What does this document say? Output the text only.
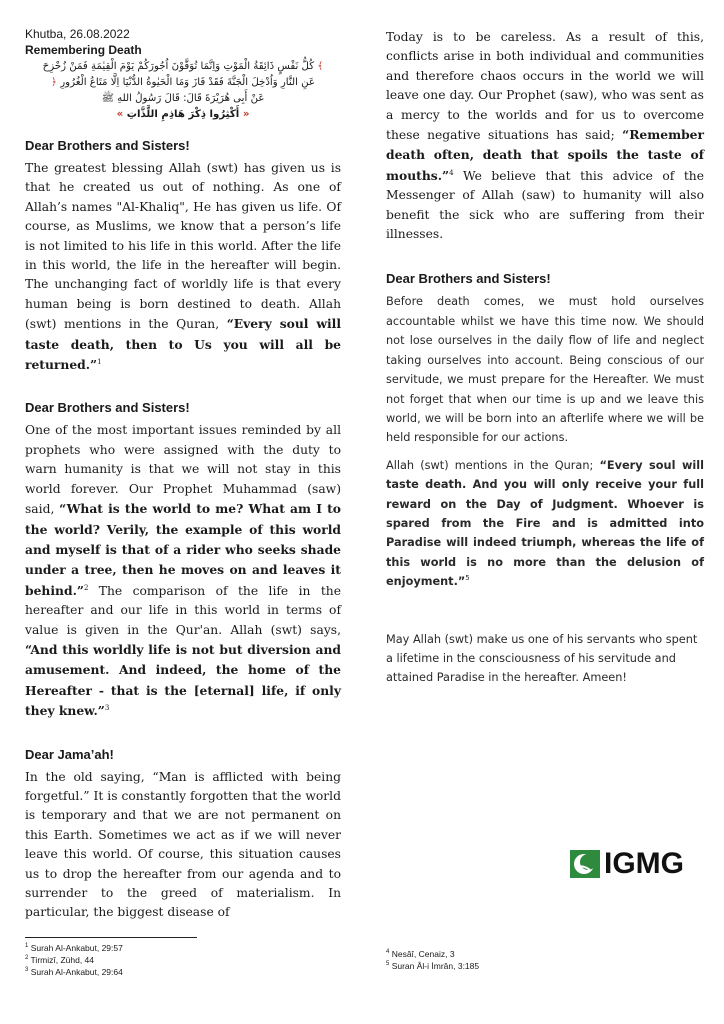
Khutba, 26.08.2022

Remembering Death

﴾ كُلُّ نَفْسٍ ذَائِقَةُ الْمَوْتِ وَاِنَّمَا تُوَفَّوْنَ اُجُورَكُمْ يَوْمَ الْقِيٰمَةِ فَمَنْ زُحْزِحَ

عَنِ النَّارِ وَاُدْخِلَ الْجَنَّةَ فَقَدْ فَازَ وَمَا الْحَيٰوةُ الدُّنْيَا اِلَّا مَتَاعُ الْغُرُورِ ﴿

عَنْ أَبِى هُرَيْرَةَ قَالَ: قَالَ رَسُولُ اللهِ ﷺ

« أَكْثِرُوا ذِكْرَ هَاذِمِ اللَّذَّاتِ »

Dear Brothers and Sisters!

The greatest blessing Allah (swt) has given us is that he created us out of nothing. As one of Allah’s names "Al-Khaliq", He has given us life. Of course, as Muslims, we know that a person’s life is not limited to his life in this world. After the life in this world, the life in the hereafter will begin. The unchanging fact of worldly life is that every human being is born destined to death. Allah (swt) mentions in the Quran, “Every soul will taste death, then to Us you will all be returned.”$^1$

Dear Brothers and Sisters!

One of the most important issues reminded by all prophets who were assigned with the duty to warn humanity is that we will not stay in this world forever. Our Prophet Muhammad (saw) said, “What is the world to me? What am I to the world? Verily, the example of this world and myself is that of a rider who seeks shade under a tree, then he moves on and leaves it behind.”$^2$ The comparison of the life in the hereafter and our life in this world in terms of value is given in the Qur'an. Allah (swt) says, “And this worldly life is not but diversion and amusement. And indeed, the home of the Hereafter - that is the [eternal] life, if only they knew.”$^3$

Dear Jama’ah!

In the old saying, “Man is afflicted with being forgetful.” It is constantly forgotten that the world is temporary and that we are not permanent on this Earth. Sometimes we act as if we will never leave this world. Of course, this situation causes us to drop the hereafter from our agenda and to surrender to the greed of materialism. In particular, the biggest disease of

Today is to be careless. As a result of this, conflicts arise in both individual and communities and therefore chaos occurs in the world we will leave one day. Our Prophet (saw), who was sent as a mercy to the worlds and for us to overcome these negative situations has said; “Remember death often, death that spoils the taste of mouths.”$^4$ We believe that this advice of the Messenger of Allah (saw) to humanity will also benefit the sick who are suffering from their illnesses.

Dear Brothers and Sisters!

Before death comes, we must hold ourselves accountable whilst we have this time now. We should not lose ourselves in the daily flow of life and neglect taking ourselves into account. Being conscious of our servitude, we must prepare for the Hereafter. We must not forget that when our time is up and we leave this world, we will be born into an afterlife where we will be held responsible for our actions.

Allah (swt) mentions in the Quran; “Every soul will taste death. And you will only receive your full reward on the Day of Judgment. Whoever is spared from the Fire and is admitted into Paradise will indeed triumph, whereas the life of this world is no more than the delusion of enjoyment.”$^5$

May Allah (swt) make us one of his servants who spent a lifetime in the consciousness of his servitude and attained Paradise in the hereafter. Ameen!

IGMG
$^1$ Surah Al-Ankabut, 29:57
$^2$ Tirmizî, Zühd, 44
$^3$ Surah Al-Ankabut, 29:64
$^4$ Nesâî, Cenaiz, 3
$^5$ Suran Âl-i İmrân, 3:185
